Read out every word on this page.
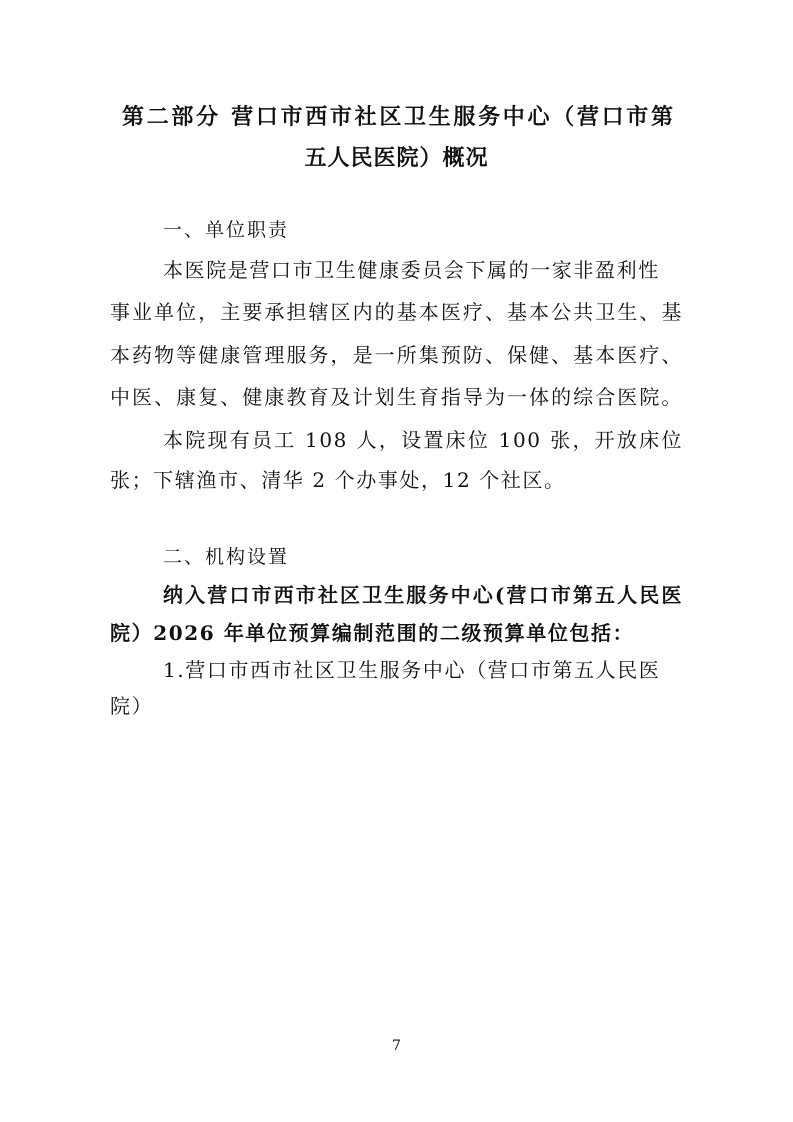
第二部分 营口市西市社区卫生服务中心（营口市第
五人民医院）概况
一、单位职责
本医院是营口市卫生健康委员会下属的一家非盈利性
事业单位，主要承担辖区内的基本医疗、基本公共卫生、基
本药物等健康管理服务，是一所集预防、保健、基本医疗、
中医、康复、健康教育及计划生育指导为一体的综合医院。
本院现有员工 108 人，设置床位 100 张，开放床位
张；下辖渔市、清华 2 个办事处，12 个社区。
二、机构设置
纳入营口市西市社区卫生服务中心(营口市第五人民医
院）2026 年单位预算编制范围的二级预算单位包括：
1.营口市西市社区卫生服务中心（营口市第五人民医
院）
7
